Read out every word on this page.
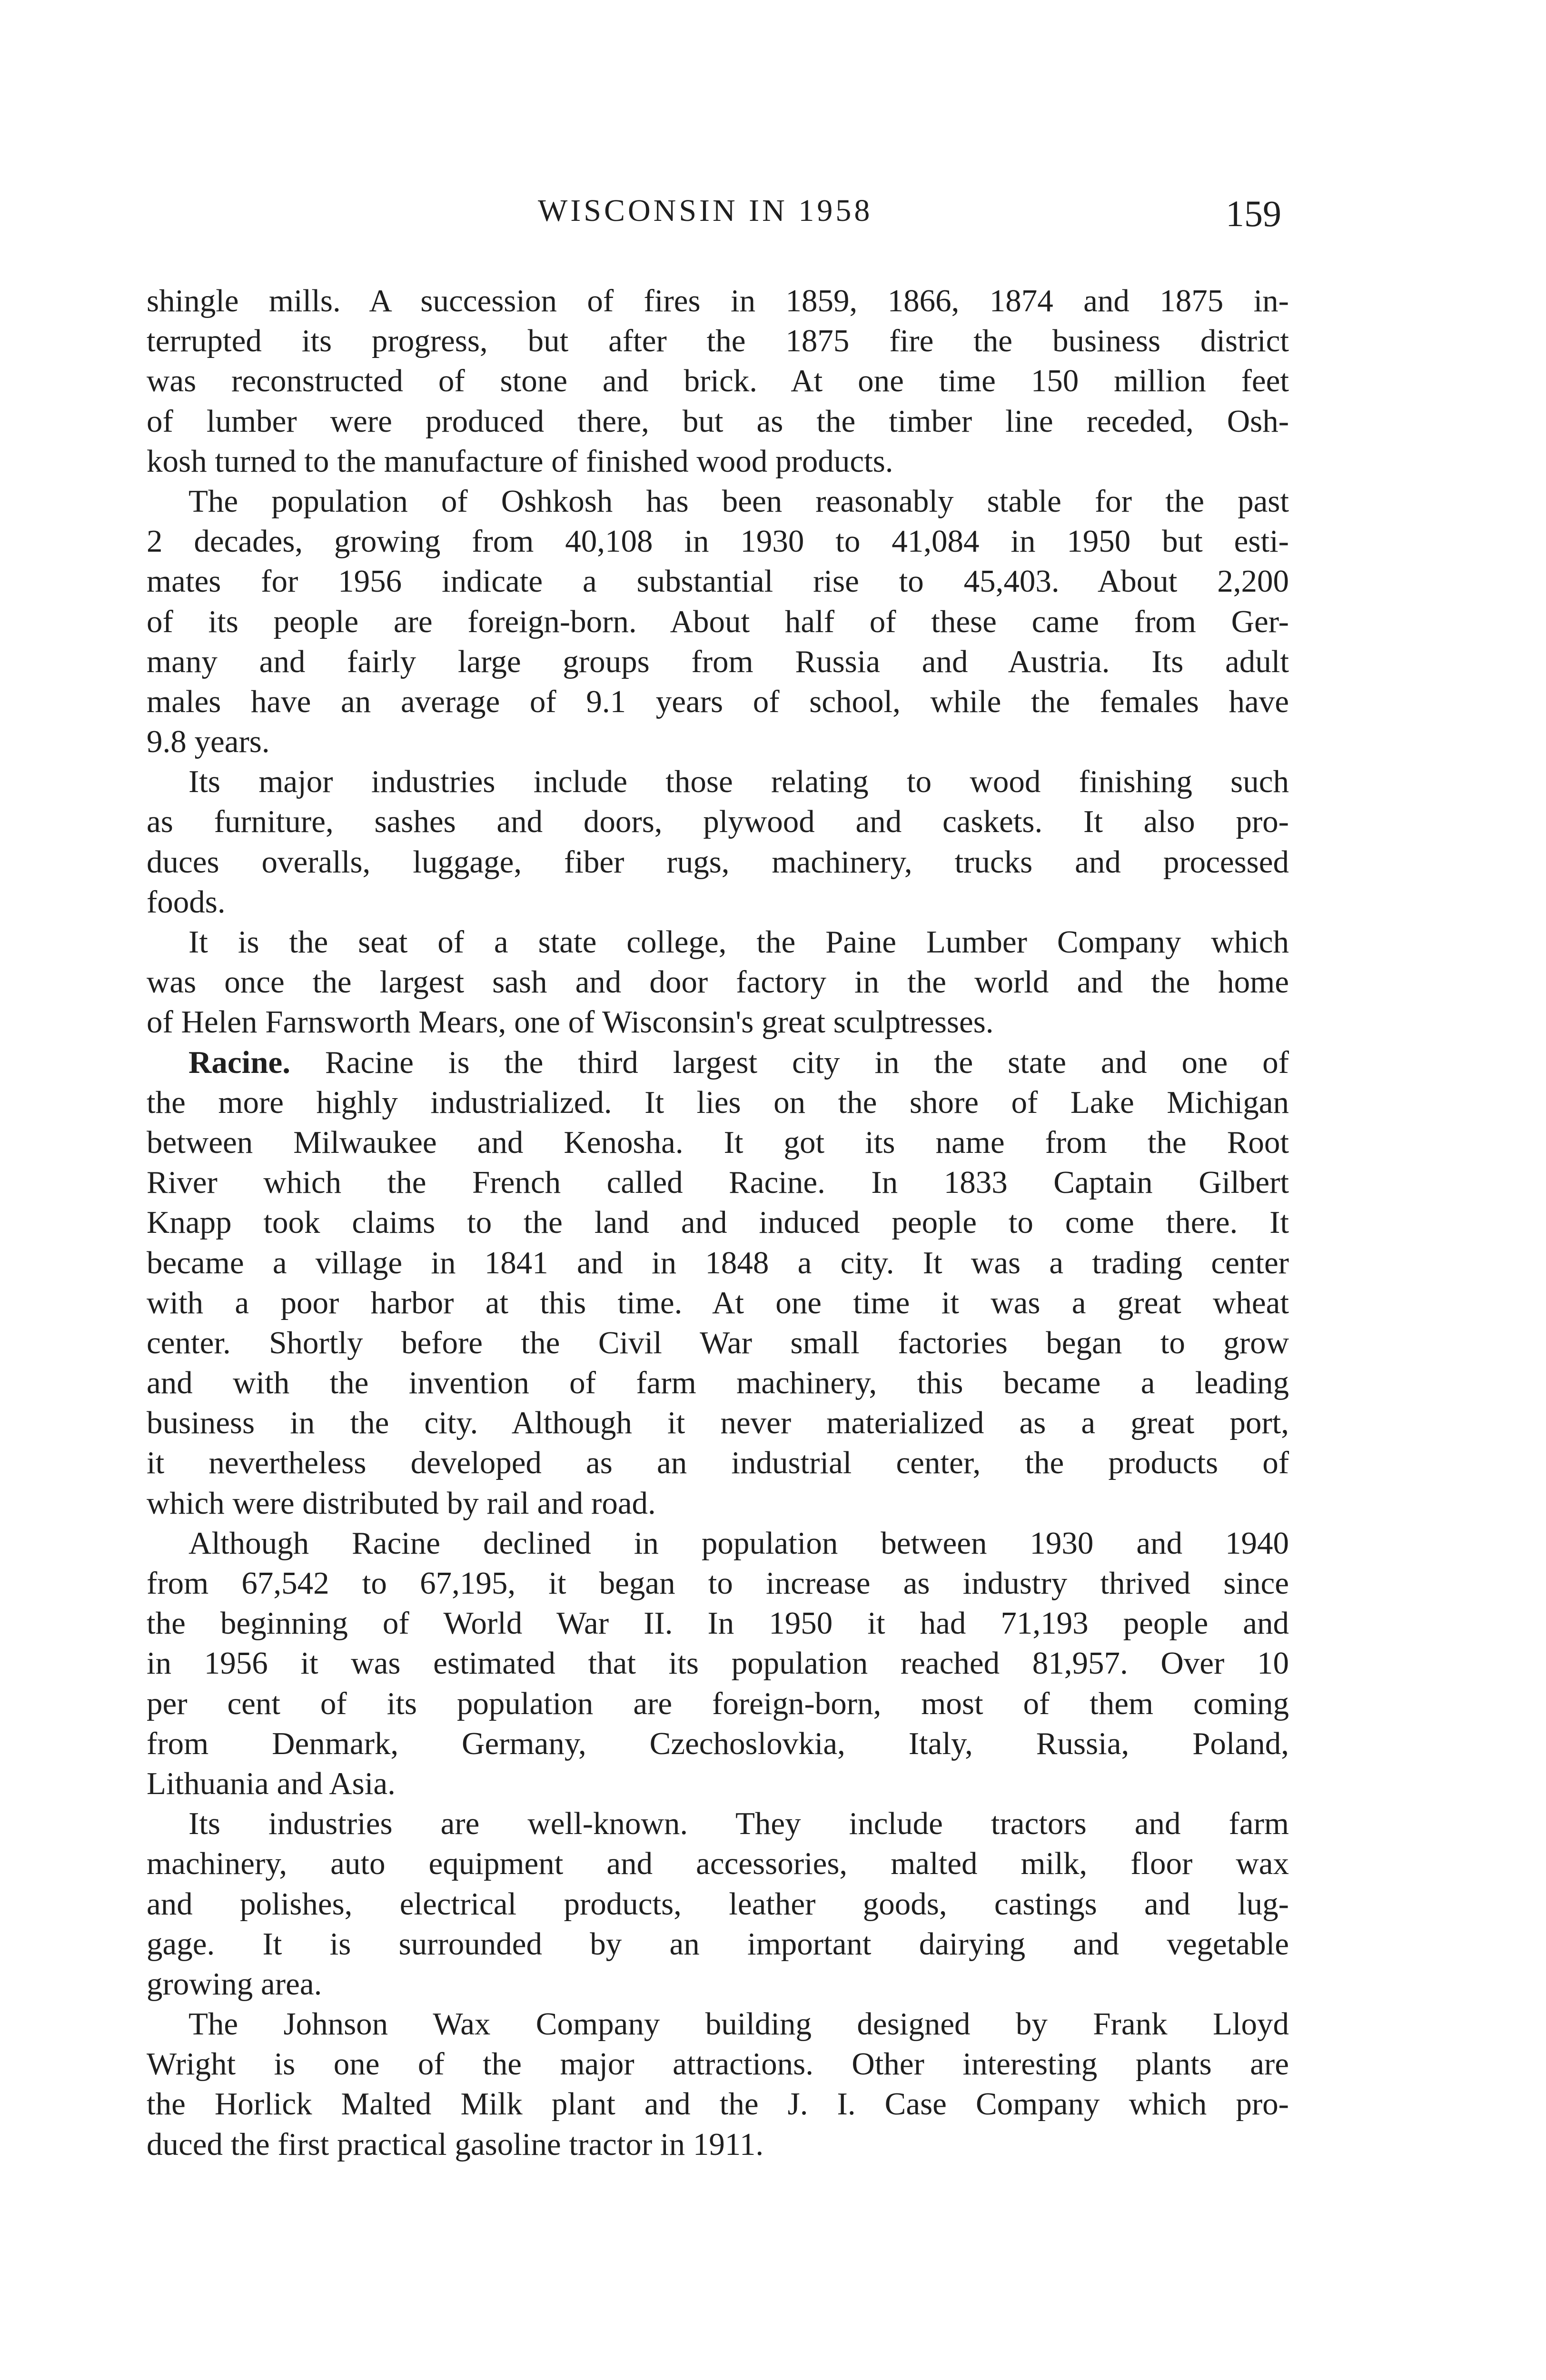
WISCONSIN IN 1958	159
shingle mills. A succession of fires in 1859, 1866, 1874 and 1875 in-
terrupted its progress, but after the 1875 fire the business district
was reconstructed of stone and brick. At one time 150 million feet
of lumber were produced there, but as the timber line receded, Osh-
kosh turned to the manufacture of finished wood products.
The population of Oshkosh has been reasonably stable for the past
2 decades, growing from 40,108 in 1930 to 41,084 in 1950 but esti-
mates for 1956 indicate a substantial rise to 45,403. About 2,200
of its people are foreign-born. About half of these came from Ger-
many and fairly large groups from Russia and Austria. Its adult
males have an average of 9.1 years of school, while the females have
9.8 years.
Its major industries include those relating to wood finishing such
as furniture, sashes and doors, plywood and caskets. It also pro-
duces overalls, luggage, fiber rugs, machinery, trucks and processed
foods.
It is the seat of a state college, the Paine Lumber Company which
was once the largest sash and door factory in the world and the home
of Helen Farnsworth Mears, one of Wisconsin's great sculptresses.
Racine. Racine is the third largest city in the state and one of
the more highly industrialized. It lies on the shore of Lake Michigan
between Milwaukee and Kenosha. It got its name from the Root
River which the French called Racine. In 1833 Captain Gilbert
Knapp took claims to the land and induced people to come there. It
became a village in 1841 and in 1848 a city. It was a trading center
with a poor harbor at this time. At one time it was a great wheat
center. Shortly before the Civil War small factories began to grow
and with the invention of farm machinery, this became a leading
business in the city. Although it never materialized as a great port,
it nevertheless developed as an industrial center, the products of
which were distributed by rail and road.
Although Racine declined in population between 1930 and 1940
from 67,542 to 67,195, it began to increase as industry thrived since
the beginning of World War II. In 1950 it had 71,193 people and
in 1956 it was estimated that its population reached 81,957. Over 10
per cent of its population are foreign-born, most of them coming
from Denmark, Germany, Czechoslovkia, Italy, Russia, Poland,
Lithuania and Asia.
Its industries are well-known. They include tractors and farm
machinery, auto equipment and accessories, malted milk, floor wax
and polishes, electrical products, leather goods, castings and lug-
gage. It is surrounded by an important dairying and vegetable
growing area.
The Johnson Wax Company building designed by Frank Lloyd
Wright is one of the major attractions. Other interesting plants are
the Horlick Malted Milk plant and the J. I. Case Company which pro-
duced the first practical gasoline tractor in 1911.
